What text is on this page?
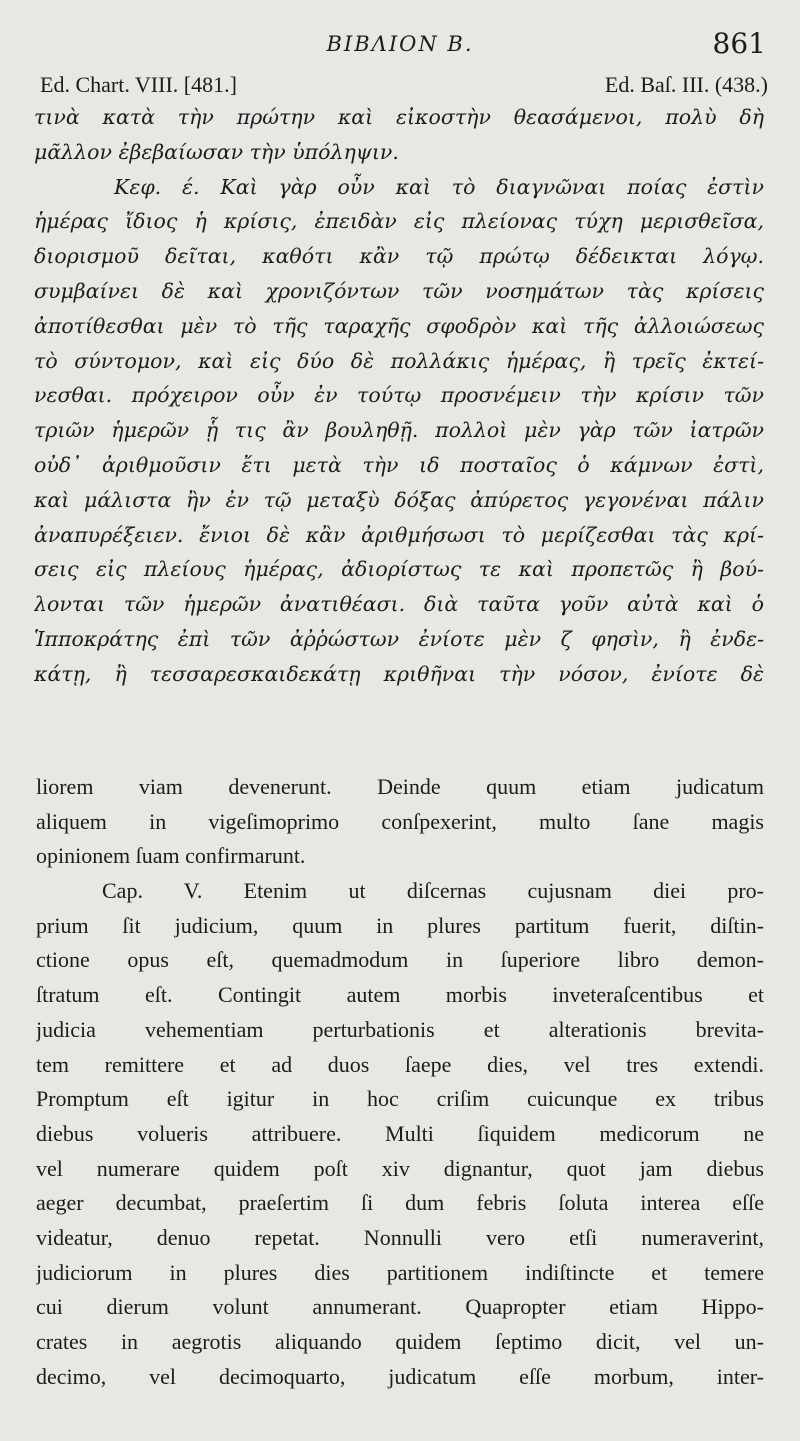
ΒΙΒΛΙΟΝ Β.	861
Ed. Chart. VIII. [481.]	Ed. Baſ. III. (438.)
τινὰ κατὰ τὴν πρώτην καὶ εἰκοστὴν θεασάμενοι, πολὺ δὴ
μᾶλλον ἐβεβαίωσαν τὴν ὑπόληψιν.
Κεφ. έ. Καὶ γὰρ οὖν καὶ τὸ διαγνῶναι ποίας ἐστὶν
ἡμέρας ἴδιος ἡ κρίσις, ἐπειδὰν εἰς πλείονας τύχη μερισθεῖσα,
διορισμοῦ δεῖται, καθότι κἂν τῷ πρώτῳ δέδεικται λόγῳ.
συμβαίνει δὲ καὶ χρονιζόντων τῶν νοσημάτων τὰς κρίσεις
ἀποτίθεσθαι μὲν τὸ τῆς ταραχῆς σφοδρὸν καὶ τῆς ἀλλοιώσεως
τὸ σύντομον, καὶ εἰς δύο δὲ πολλάκις ἡμέρας, ἢ τρεῖς ἐκτεί-
νεσθαι. πρόχειρον οὖν ἐν τούτῳ προσνέμειν τὴν κρίσιν τῶν
τριῶν ἡμερῶν ᾗ τις ἂν βουληθῇ. πολλοὶ μὲν γὰρ τῶν ἰατρῶν
οὐδ᾽ ἀριθμοῦσιν ἔτι μετὰ τὴν ιδ ποσταῖος ὁ κάμνων ἐστὶ,
καὶ μάλιστα ἢν ἐν τῷ μεταξὺ δόξας ἀπύρετος γεγονέναι πάλιν
ἀναπυρέξειεν. ἔνιοι δὲ κἂν ἀριθμήσωσι τὸ μερίζεσθαι τὰς κρί-
σεις εἰς πλείους ἡμέρας, ἀδιορίστως τε καὶ προπετῶς ἢ βού-
λονται τῶν ἡμερῶν ἀνατιθέασι. διὰ ταῦτα γοῦν αὐτὰ καὶ ὁ
Ἱπποκράτης ἐπὶ τῶν ἀῤῥώστων ἐνίοτε μὲν ζ φησὶν, ἢ ἐνδε-
κάτῃ, ἢ τεσσαρεσκαιδεκάτῃ κριθῆναι τὴν νόσον, ἐνίοτε δὲ
liorem viam devenerunt. Deinde quum etiam judicatum
aliquem in vigeſimoprimo conſpexerint, multo ſane magis
opinionem ſuam confirmarunt.
Cap. V. Etenim ut diſcernas cujusnam diei pro-
prium ſit judicium, quum in plures partitum fuerit, diſtin-
ctione opus eſt, quemadmodum in ſuperiore libro demon-
ſtratum eſt. Contingit autem morbis inveteraſcentibus et
judicia vehementiam perturbationis et alterationis brevita-
tem remittere et ad duos ſaepe dies, vel tres extendi.
Promptum eſt igitur in hoc criſim cuicunque ex tribus
diebus volueris attribuere. Multi ſiquidem medicorum ne
vel numerare quidem poſt xiv dignantur, quot jam diebus
aeger decumbat, praeſertim ſi dum febris ſoluta interea eſſe
videatur, denuo repetat. Nonnulli vero etſi numeraverint,
judiciorum in plures dies partitionem indiſtincte et temere
cui dierum volunt annumerant. Quapropter etiam Hippo-
crates in aegrotis aliquando quidem ſeptimo dicit, vel un-
decimo, vel decimoquarto, judicatum eſſe morbum, inter-
